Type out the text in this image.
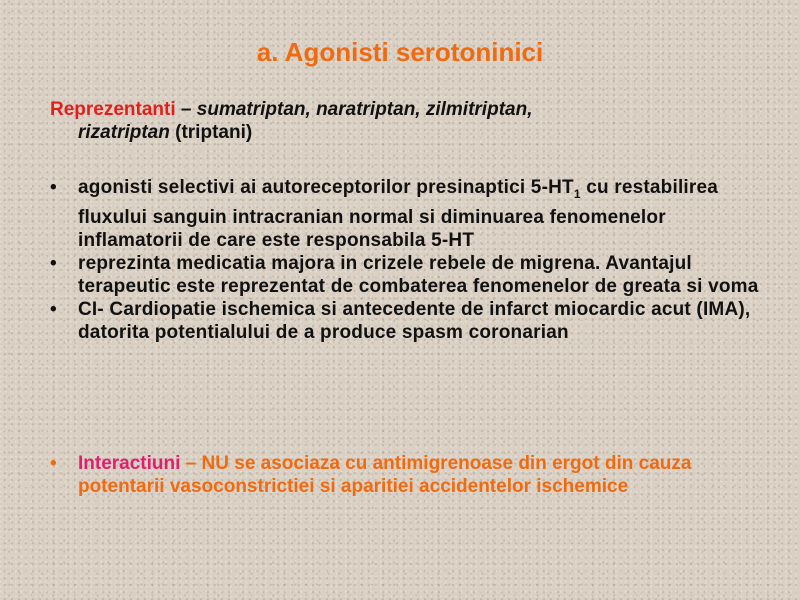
a. Agonisti serotoninici
Reprezentanti – sumatriptan, naratriptan, zilmitriptan,
rizatriptan (triptani)
• agonisti selectivi ai autoreceptorilor presinaptici $5-HT_1$ cu restabilirea fluxului sanguin intracranian normal si diminuarea fenomenelor inflamatorii de care este responsabila 5-HT
• reprezinta medicatia majora in crizele rebele de migrena. Avantajul terapeutic este reprezentat de combaterea fenomenelor de greata si voma
• CI- Cardiopatie ischemica si antecedente de infarct miocardic acut (IMA), datorita potentialului de a produce spasm coronarian
• Interactiuni – NU se asociaza cu antimigrenoase din ergot din cauza potentarii vasoconstrictiei si aparitiei accidentelor ischemice
